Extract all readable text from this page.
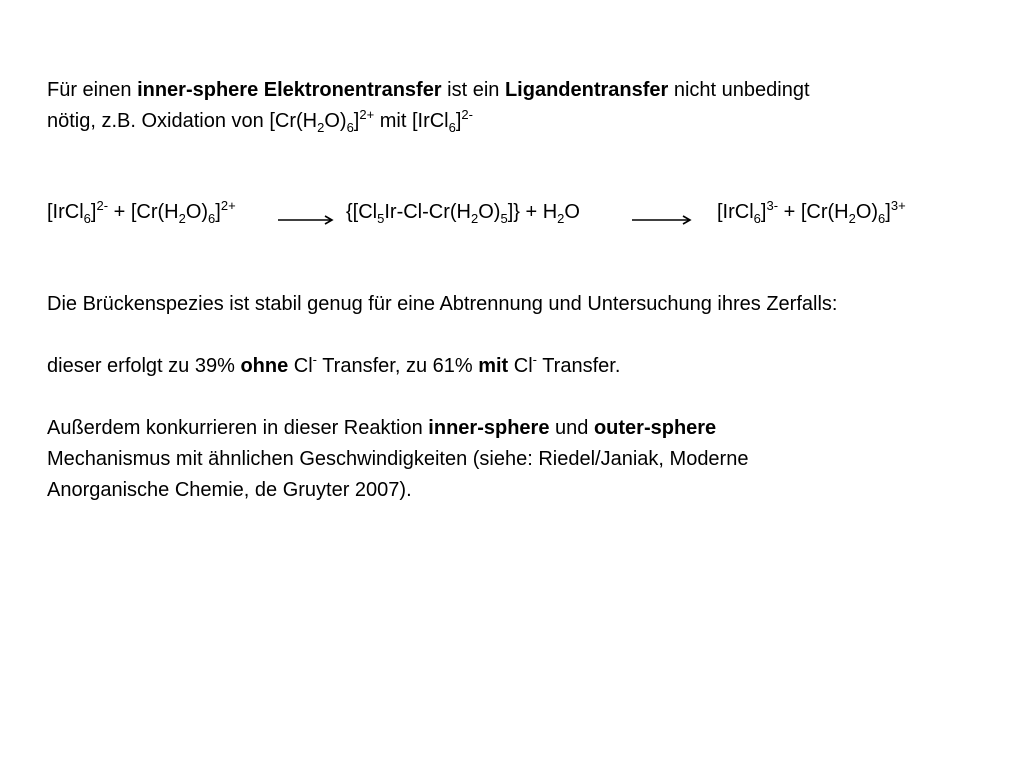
Für einen inner-sphere Elektronentransfer ist ein Ligandentransfer nicht unbedingt
nötig, z.B. Oxidation von $[Cr(H_2O)_6]^{2+}$ mit [IrCl$_6$]$^{2-}$
[IrCl$_6$]$^{2-}$ + $[Cr(H_2O)_6]^{2+} \to \{[Cl_5Ir-Cl-Cr(H_2O)_5]\} + H_2O$	→ [IrCl$_6$]$^{3-}$ + $[Cr(H_2O)_6]^{3+}$
Die Brückenspezies ist stabil genug für eine Abtrennung und Untersuchung ihres Zerfalls:
dieser erfolgt zu 39% ohne Cl- Transfer, zu 61% mit Cl- Transfer.
Außerdem konkurrieren in dieser Reaktion inner-sphere und outer-sphere
Mechanismus mit ähnlichen Geschwindigkeiten (siehe: Riedel/Janiak, Moderne
Anorganische Chemie, de Gruyter 2007).
